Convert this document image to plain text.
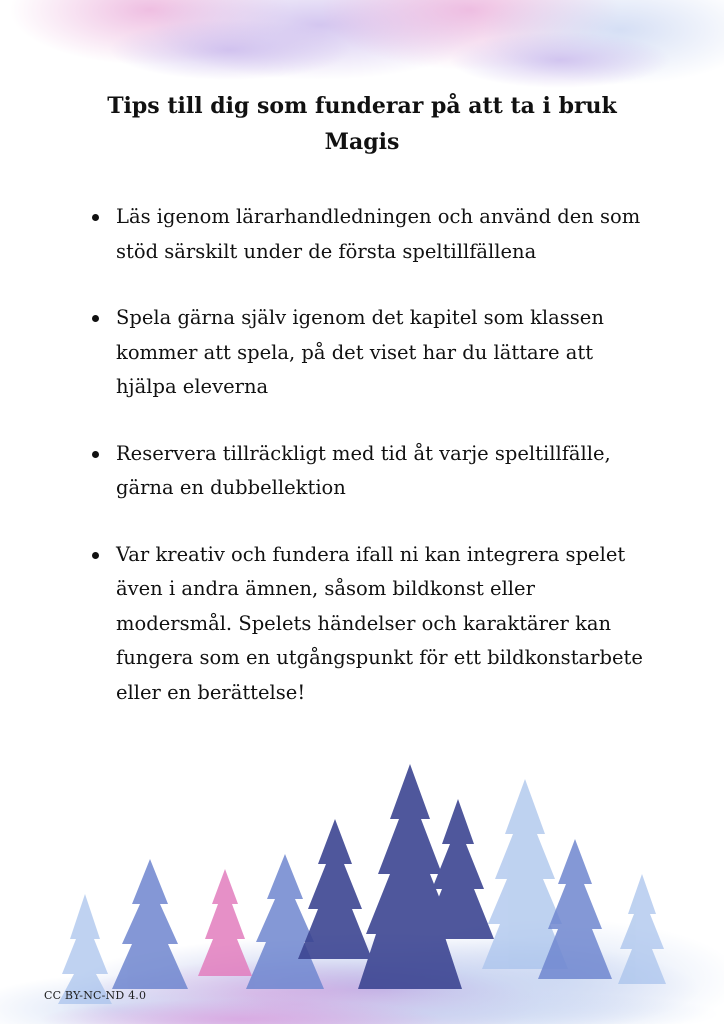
Tips till dig som funderar på att ta i bruk Magis
Läs igenom lärarhandledningen och använd den som stöd särskilt under de första speltillfällena
Spela gärna själv igenom det kapitel som klassen kommer att spela, på det viset har du lättare att hjälpa eleverna
Reservera tillräckligt med tid åt varje speltillfälle, gärna en dubbellektion
Var kreativ och fundera ifall ni kan integrera spelet även i andra ämnen, såsom bildkonst eller modersmål. Spelets händelser och karaktärer kan fungera som en utgångspunkt för ett bildkonstarbete eller en berättelse!
CC BY-NC-ND 4.0
